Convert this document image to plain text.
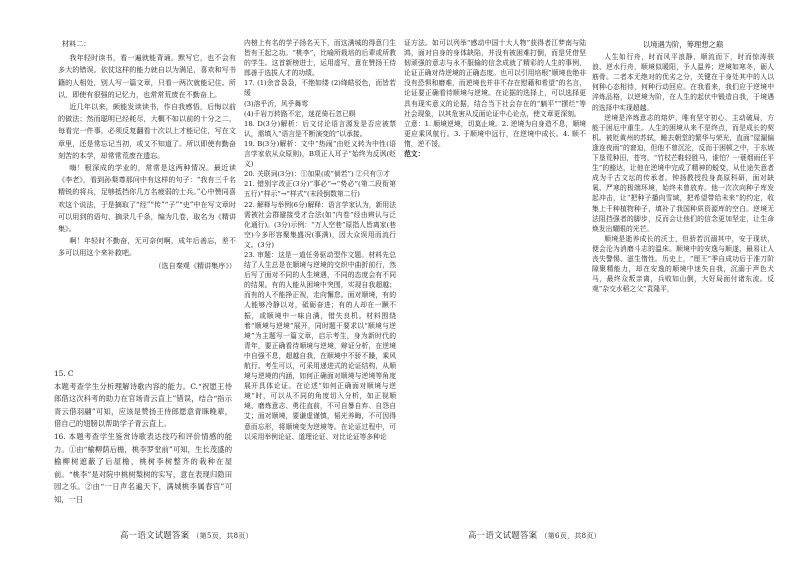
材料二：

我年轻时读书，看一遍就能背诵。默写它，也不会有多大的错误。依仗这样的能力就自以为满足，喜欢和写书籍的人相处，别人写一篇文章，只看一两次就能记住。所以，即使有很强的记忆力，也常常荒废在不勤奋上。

近几年以来，颇能发读读书，作自我感悟，后悔以前的做法；然而聪明已经耗尽，大概不如以前的十分之二，每看完一件事，必须反复翻看十次以上才能记住，写在文章里，还是常忘记当初，或又不知道了。所以即使有勤奋刻苦的本学，却常常荒废在遗忘。

嗨！根深成的学业的，常常是这两种情况。最近读《李老》，看到孙粲尊那问中有这样的句子：“我有三千名精锐的将兵，足够抵挡你几万名疲弱的士兵。”心中赞同喜欢这个说法，于是摘取了“经”“传”“子”“史”中在写文章时可以用到的语句，摘录几千条，编为几卷，取名为《精讲集》。

啊！年轻时不勤奋，无可奈何啊，成年后善忘，差不多可以用这个来补救吧。

（选自秦观《精讲集序》）

15. C

本题考查学生分析理解诗歌内容的能力。C.“祝愿王侍郎借这次科考的助力在官场青云直上”错误，结合“指示青云借羽翮”可知，应该是赞扬王侍郎愿意青睐晚辈，借自己的翅膀以帮助学子青云直上。

16. 本题考查学生鉴赏诗歌表达技巧和评价情感的能力。①由“榆柳荫后檐，桃李罗堂前”可知，生长茂盛的榆柳树遮蔽了后屋檐，桃树李树整齐的栽种在屋前。“桃李”是对院中桃树梨树的实写，意在表现归隐田园之乐。②由“一日声名遍天下，满城桃李属春官”可知，一日

内榜上有名的学子扬名天下，而这满城的得意门生皆有王起之功。“桃李”，比喻所栽培的后辈或所教的学生。这首新榜进士，运用虚写，意在赞扬王侍郎善于选拔人才的功绩。

17. (1)余音袅袅，不绝如缕 (2)绛皓驳色，而皆若缓

(3)溶乎沂，风乎舞雩

(4)千岩万转路不定，迷花倚石忽已暝

18. D(3分)解析：后文讨论语言源发是否应被禁认，需填入“语言是不断演变的”以承接。

19. B(3分)解析：文中“热闹”由贬义转为中性(语言学家依从众原则)，B项正人耳子”始终为反讽(贬义)

20. 关联词(3分)：①加果(或“倘若”) ②只有③才

21. 错别字改正(3分)“事必”→“势必”(第二段衔第五行)“样示”→“样式”(末段倒数第二行)

22. 解释与举例(6分)解释：语言学家认为，新用法需被社会群避接受才合法(如“内卷”经由辨认与泛化通行)。(3分)示例：“万人空巷”原指人皆离家(巷空)今多形容聚集盛况(事满)，因大众误用而流行义。(3分)

23. 审题：这是一道任务驱动型作文题。材料先总结了人生总是在顺境与逆境的交织中曲折前行，然后写了面对不同的人生境遇，不同的态度会有不同的结果。有的人能从困境中突围，实现自我超越；而有的人不能挣正视，走向懈怠。面对顺境，有的人能够冷静以对，砥砺奋进；有的人却在一蹶不振，或顺境中一味自满，错失良机。材料围绕着“顺境与逆境”展开，同时题干要求以“顺境与逆境”为主题写一篇文章，启示考生，身为新时代的青年，要正确看待顺境与逆境，辩证分析，在逆境中自强不息，超越自我，在顺境中不骄不躁，乘风航行。考生可以，可采用递进式的论证结构，从顺境与逆境的内涵，如何正确面对顺境与逆境等角度展开具体论证。在论述“如何正确面对顺境与逆境”时，可以从不同的角度切入分析，如正视顺境、磨炼意志、勇往直前，不可自暴自弃、自怨自艾；面对顺境，要谦虚谨慎，韬光养晦，不可因得意而忘形，将顺境变为逆境等。在论证过程中，可以采用举例论证、道理论证、对比论证等多种论

高一语文试题答案 （第5页，共8页）

证方法。如可以列举“感动中国十大人物”获得者江梦南与陆鸿，面对自身的身体缺陷，并没有被困难打倒，而是凭借坚韧顽强的意志与永不服输的信念成就了精彩的人生的事例，论证正确对待逆境的正确态度。也可以引用培根“顺境也绝非没有恐惧和磨难，而逆境也并非不存在慰藉和希望”的名言，论证要正确看待顺境与逆境。在论据的选择上，可以选择更具有现实意义的论据，结合当下社会存在的“躺平”“摆烂”等社会现象，以其危害从反面论证中心论点，使文章更深刻。

立意：1. 顺境逆境，切莫止境。2. 逆境为自身造不息，顺境更应乘风航行。3. 于顺境中远行，在逆境中成长。4. 顺不惰，逆不馁。

范文：

以境遇为阶，筹理想之巅

人生如行舟，时而风平浪静、顺流而下，时而惊涛骇浪、逆水行舟，顺境似暖阳，予人温养；逆境如寒冬，砺人筋骨。二者本无绝对的优劣之分，关键在于身处其中的人以何种心态相待，何种行动回应。在我看来，我们应于逆境中淬炼品格，以逆境为阶，在人生的起伏中锻造自我，于境遇的选择中实现超越。

逆境是淬炼意志的熔炉，唯有坚守初心、主动破局，方能于困厄中重生。人生的困境从来不是终点，而是成长的契机。被贬黄州的苏轼，睡去朝堂的繁华与荣光，直面“屋漏偏逢连夜雨”的窘迫，但他不曾沉沦，反而于困顿之中，于东坡下垦荒种田，苍穹，“竹杖芒鞋轻胜马，谁怕？一蓑烟雨任平生”的豁达，让他在逆境中完成了精神的蜕变，从仕途失意者成为千古文坛的传承者。钟扬教授投身高原科研，面对缺氧、严寒的极端环境，始终未曾放弃。他一次次向种子库发起冲击，让“把种子播向雪域，把希望带给未来”的约定，收集上千种植物种子，填补了我国种质资源库的空白。逆境无法阻挡强者的脚步，反而会让他们的信念更加坚定，让生命焕发出耀眼的光芒。

顺境是逝养成长的沃土，但骄若沉溺其中，安于现状，便会沦为消磨斗志的温床。顺境中的安逸与顺遂，最易让人丧失警惕、滋生惰性。历史上，“厘王”季自成功后于准刀阶隙聚精能力，却在安逸的顺境中迷失自我，沉溺于声色犬马，最终众叛亲离，兵败如山倒，大好局面付诸东流。反观“杂交水稻之父”袁隆平，

高一语文试题答案 （第6页，共8页）
